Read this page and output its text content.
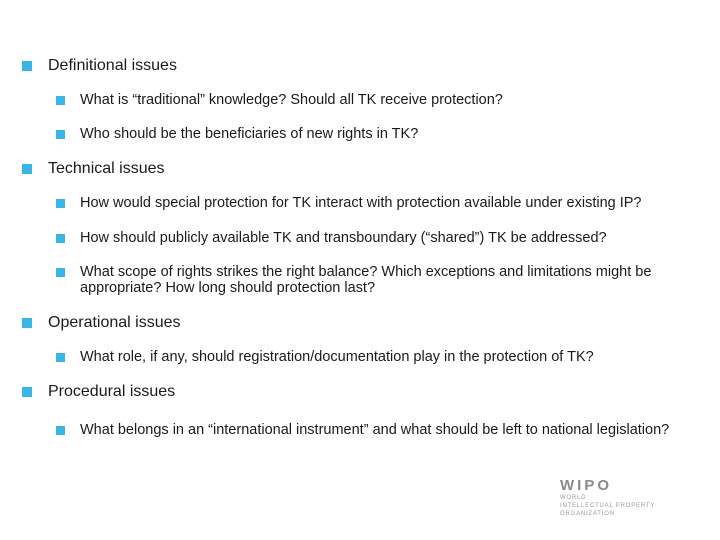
Definitional issues
What is “traditional” knowledge? Should all TK receive protection?
Who should be the beneficiaries of new rights in TK?
Technical issues
How would special protection for TK interact with protection available under existing IP?
How should publicly available TK and transboundary (“shared”) TK be addressed?
What scope of rights strikes the right balance? Which exceptions and limitations might be appropriate? How long should protection last?
Operational issues
What role, if any, should registration/documentation play in the protection of TK?
Procedural issues
What belongs in an “international instrument” and what should be left to national legislation?
WIPO
WORLD
INTELLECTUAL PROPERTY
ORGANIZATION
